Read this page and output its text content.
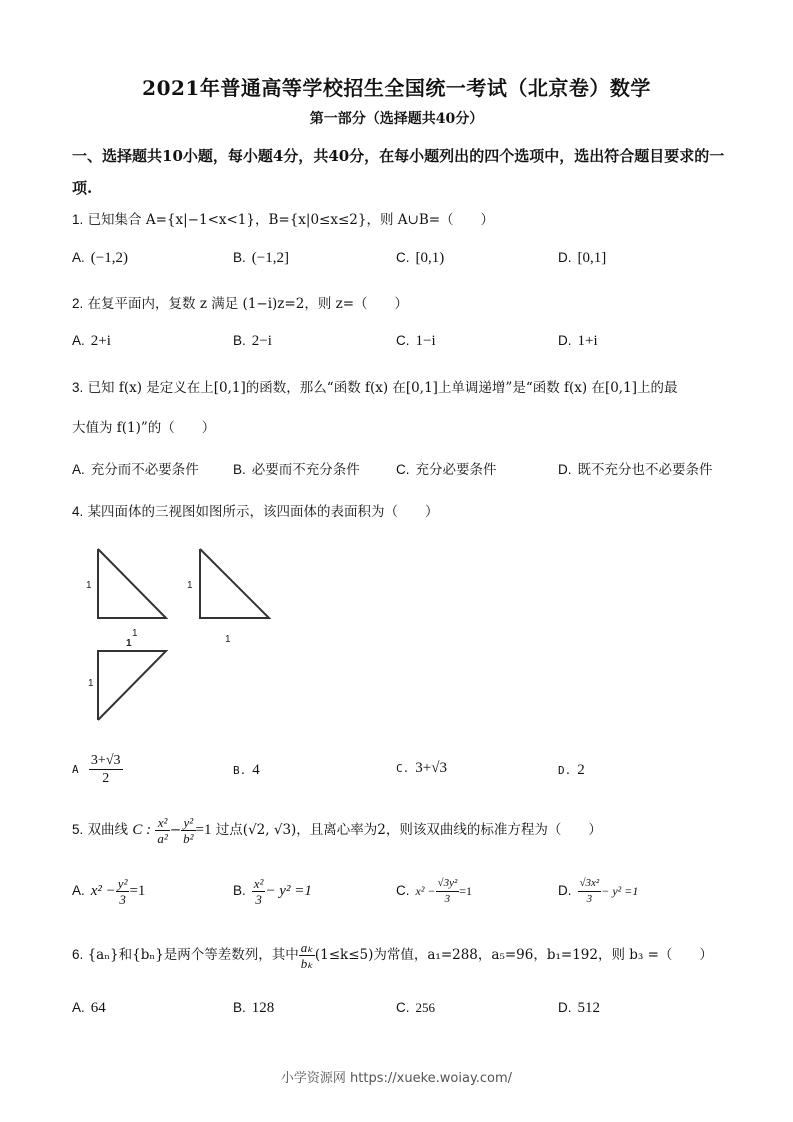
2021年普通高等学校招生全国统一考试（北京卷）数学
第一部分（选择题共40分）
一、选择题共10小题，每小题4分，共40分，在每小题列出的四个选项中，选出符合题目要求的一项.
1. 已知集合 A={x|−1<x<1}，B={x|0≤x≤2}，则 A∪B=（　　）
A. (−1,2)	B. (−1,2]	C. [0,1)	D. [0,1]
2. 在复平面内，复数 z 满足 (1−i)z=2，则 z=（　　）
A. 2+i	B. 2−i	C. 1−i	D. 1+i
3. 已知 f(x) 是定义在上[0,1]的函数，那么“函数 f(x) 在[0,1]上单调递增”是“函数 f(x) 在[0,1]上的最
大值为 f(1)”的（　　）
A. 充分而不必要条件	B. 必要而不充分条件	C. 充分必要条件	D. 既不充分也不必要条件
4. 某四面体的三视图如图所示，该四面体的表面积为（　　）
1
1
1
1
1
1
A $\frac{3+√3}{2}$	B. 4	C. 3+√3	D. 2
5. 双曲线 C : $\frac{\text{x²}}{\text{a²}} - \frac{\text{y²}}{\text{b²}} =1$ 过点(√2, √3)，且离心率为2，则该双曲线的标准方程为（　　）
A. $x^2 - \frac{\text{y²}}{3} =1$	B. $\frac{\text{x²}}{3} - y^2 =1$	C. $x^2 - \frac{\text{√3y²}}{3} =1$	D. $\frac{\text{√3x²}}{3} - y^2 =1$
6. {aₙ}和{bₙ}是两个等差数列，其中 $\frac{\text{aₖ}}{\text{bₖ}} (1\le k\le 5)$为常值，a₁=288，a₅=96，b₁=192，则 b₃ =（　　）
A. 64	B. 128	C. 256	D. 512
小学资源网 https://xueke.woiay.com/
